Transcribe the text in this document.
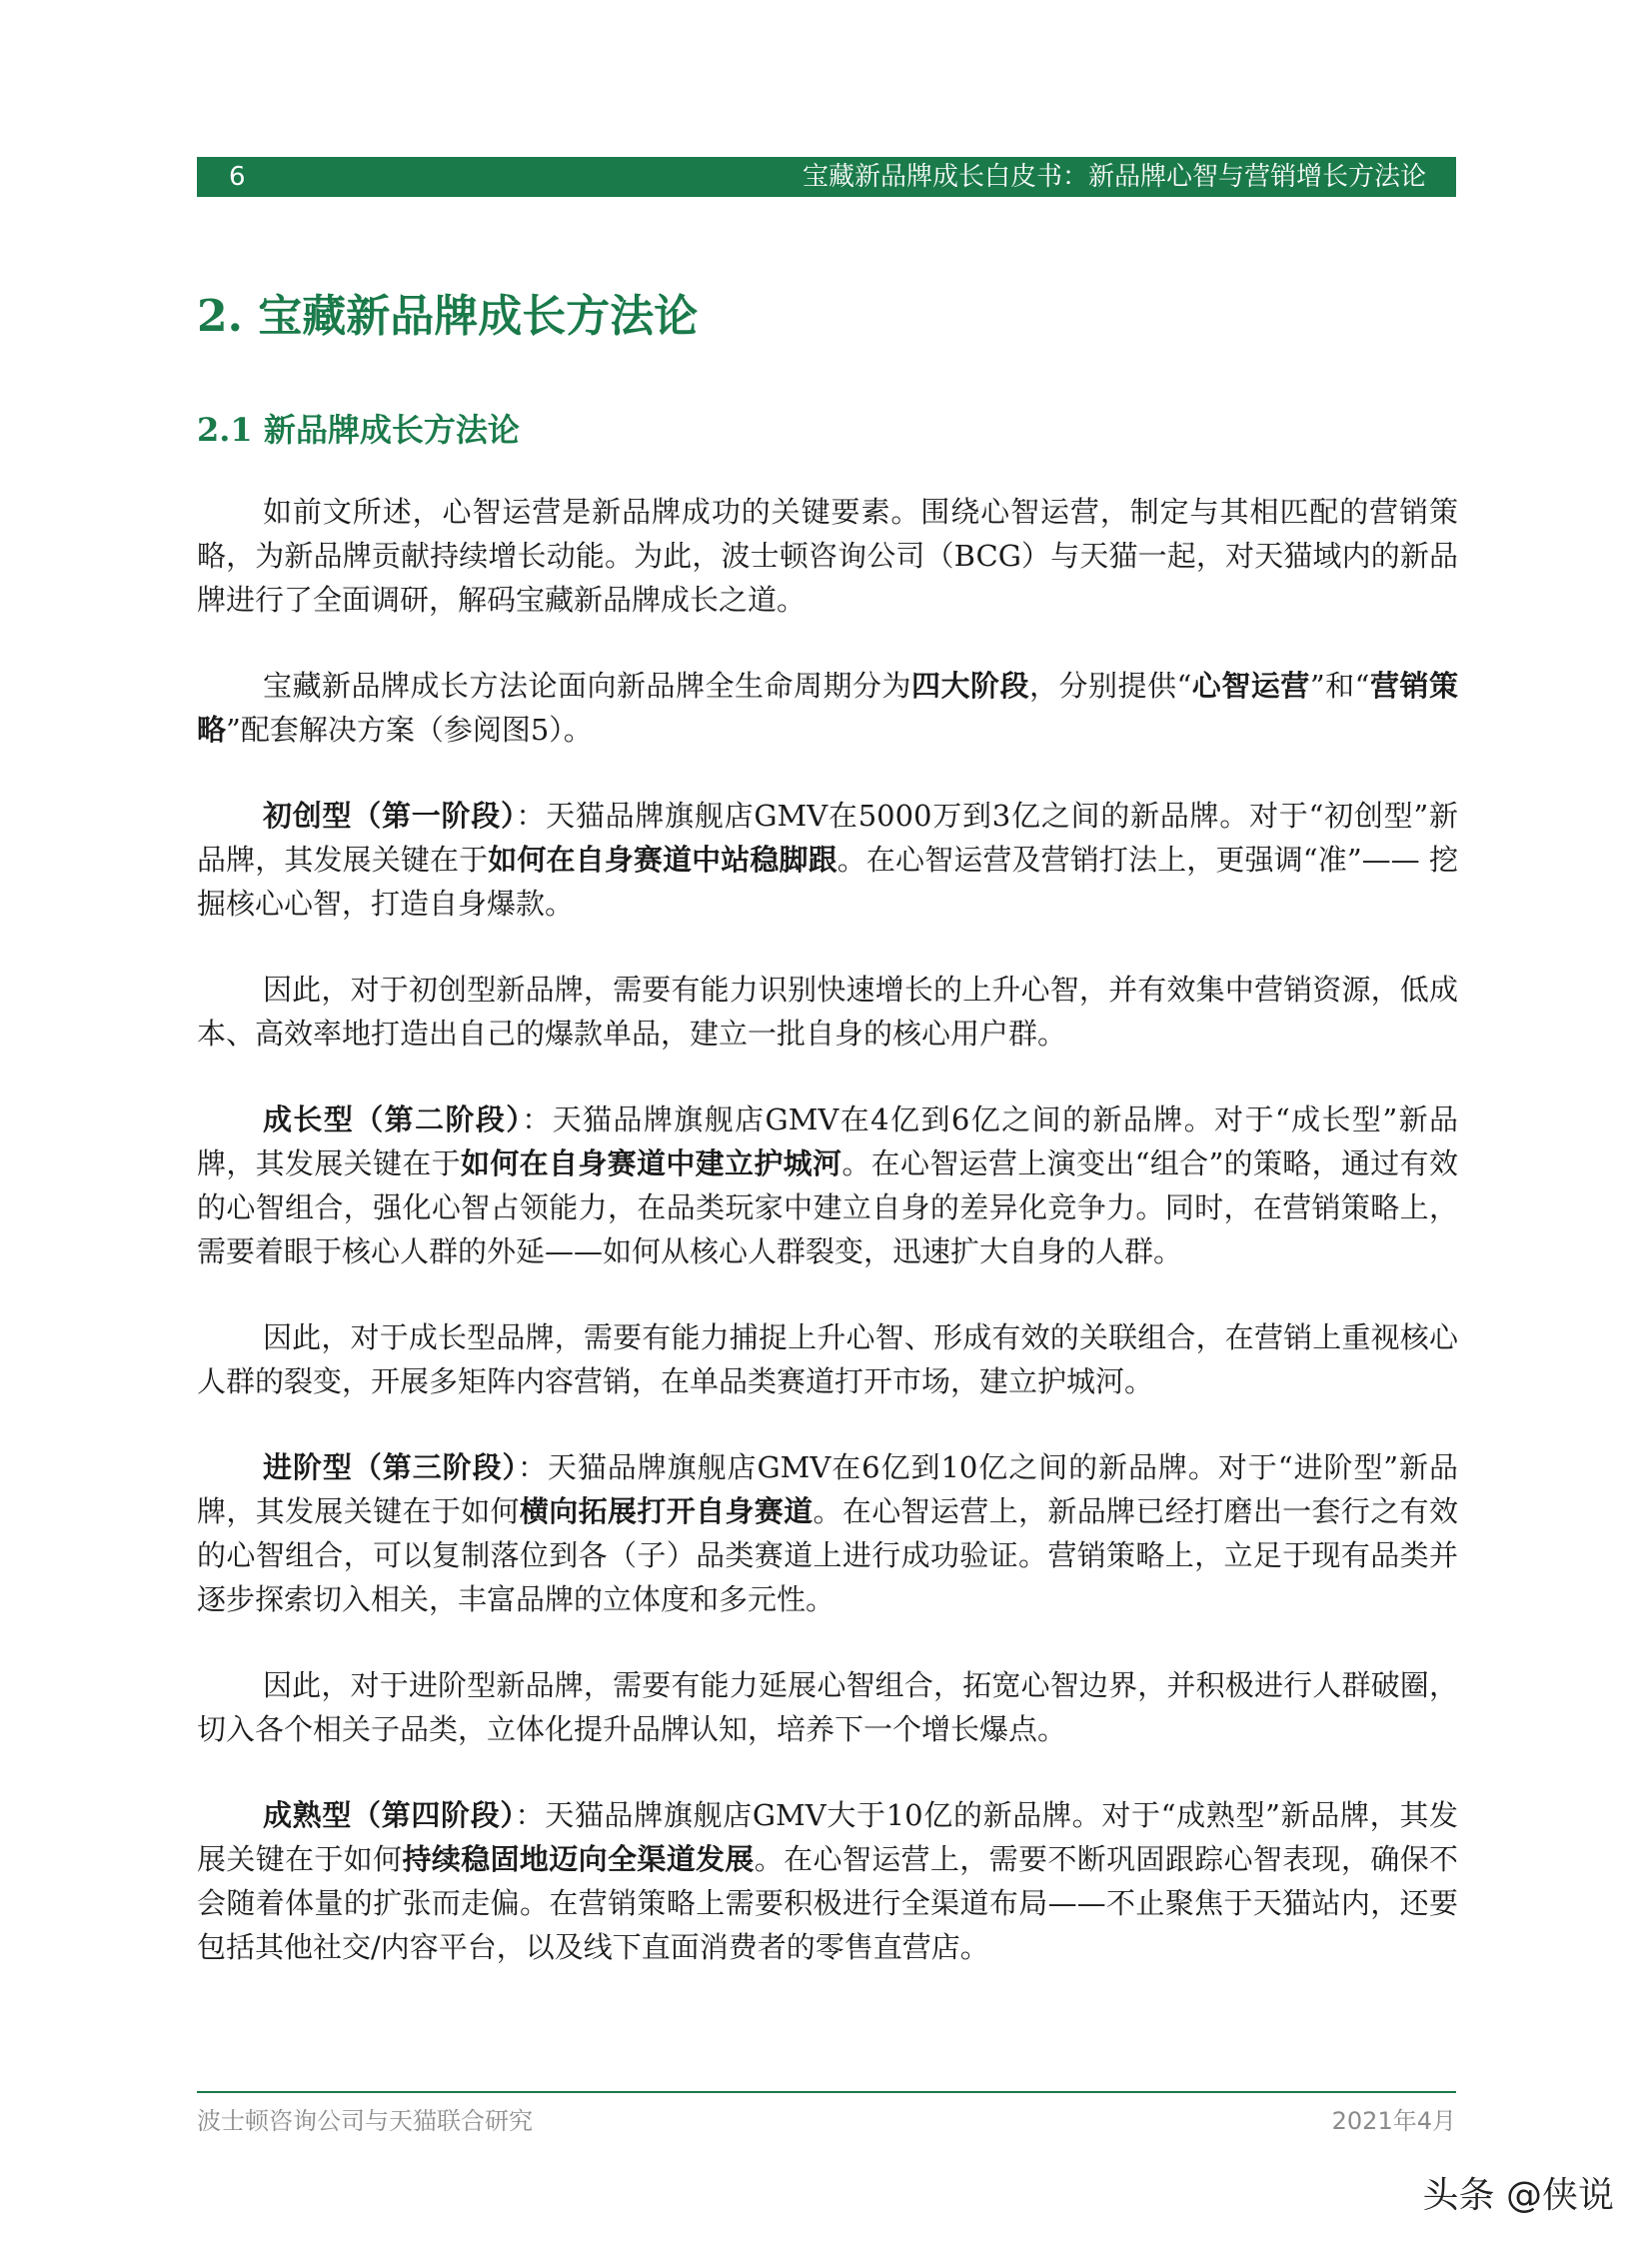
6	宝藏新品牌成长白皮书：新品牌心智与营销增长方法论
2. 宝藏新品牌成长方法论
2.1 新品牌成长方法论

如前文所述，心智运营是新品牌成功的关键要素。围绕心智运营，制定与其相匹配的营销策略，为新品牌贡献持续增长动能。为此，波士顿咨询公司（BCG）与天猫一起，对天猫域内的新品牌进行了全面调研，解码宝藏新品牌成长之道。

宝藏新品牌成长方法论面向新品牌全生命周期分为四大阶段，分别提供“心智运营”和“营销策略”配套解决方案（参阅图5）。

初创型（第一阶段）：天猫品牌旗舰店GMV在5000万到3亿之间的新品牌。对于“初创型”新品牌，其发展关键在于如何在自身赛道中站稳脚跟。在心智运营及营销打法上，更强调“准”—— 挖掘核心心智，打造自身爆款。

因此，对于初创型新品牌，需要有能力识别快速增长的上升心智，并有效集中营销资源，低成本、高效率地打造出自己的爆款单品，建立一批自身的核心用户群。

成长型（第二阶段）：天猫品牌旗舰店GMV在4亿到6亿之间的新品牌。对于“成长型”新品牌，其发展关键在于如何在自身赛道中建立护城河。在心智运营上演变出“组合”的策略，通过有效的心智组合，强化心智占领能力，在品类玩家中建立自身的差异化竞争力。同时，在营销策略上，需要着眼于核心人群的外延——如何从核心人群裂变，迅速扩大自身的人群。

因此，对于成长型品牌，需要有能力捕捉上升心智、形成有效的关联组合，在营销上重视核心人群的裂变，开展多矩阵内容营销，在单品类赛道打开市场，建立护城河。

进阶型（第三阶段）：天猫品牌旗舰店GMV在6亿到10亿之间的新品牌。对于“进阶型”新品牌，其发展关键在于如何横向拓展打开自身赛道。在心智运营上，新品牌已经打磨出一套行之有效的心智组合，可以复制落位到各（子）品类赛道上进行成功验证。营销策略上，立足于现有品类并逐步探索切入相关，丰富品牌的立体度和多元性。

因此，对于进阶型新品牌，需要有能力延展心智组合，拓宽心智边界，并积极进行人群破圈，切入各个相关子品类，立体化提升品牌认知，培养下一个增长爆点。

成熟型（第四阶段）：天猫品牌旗舰店GMV大于10亿的新品牌。对于“成熟型”新品牌，其发展关键在于如何持续稳固地迈向全渠道发展。在心智运营上，需要不断巩固跟踪心智表现，确保不会随着体量的扩张而走偏。在营销策略上需要积极进行全渠道布局——不止聚焦于天猫站内，还要包括其他社交/内容平台，以及线下直面消费者的零售直营店。

波士顿咨询公司与天猫联合研究	2021年4月
头条 @侠说
